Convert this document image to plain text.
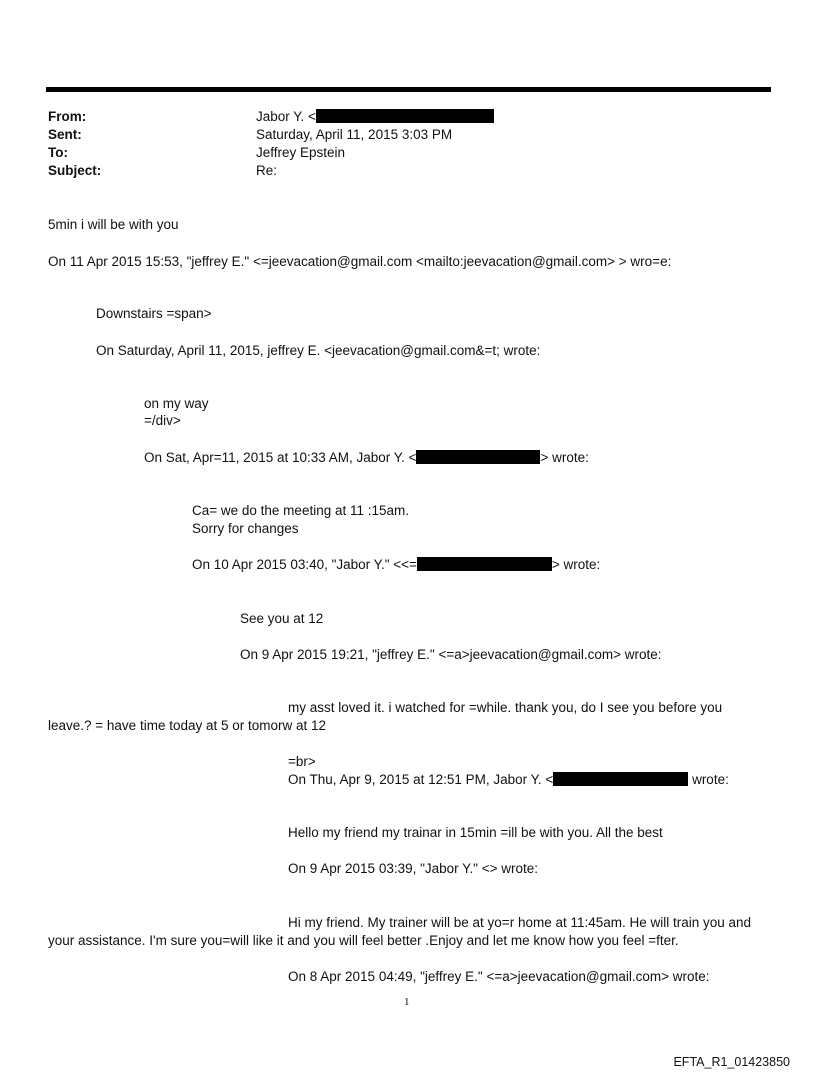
From:	Jabor Y. <
Sent:	Saturday, April 11, 2015 3:03 PM
To:	Jeffrey Epstein
Subject:	Re:
5min i will be with you
On 11 Apr 2015 15:53, "jeffrey E." <=jeevacation@gmail.com <mailto:jeevacation@gmail.com> > wro=e:
Downstairs =span>
On Saturday, April 11, 2015, jeffrey E. <jeevacation@gmail.com&=t; wrote:
on my way
=/div>
On Sat, Apr=11, 2015 at 10:33 AM, Jabor Y. <	> wrote:
Ca= we do the meeting at 11 :15am.
Sorry for changes
On 10 Apr 2015 03:40, "Jabor Y." <<=	> wrote:
See you at 12
On 9 Apr 2015 19:21, "jeffrey E." <=a>jeevacation@gmail.com> wrote:
my asst loved it. i watched for =while. thank you, do I see you before you
leave.? = have time today at 5 or tomorw at 12
=br>
On Thu, Apr 9, 2015 at 12:51 PM, Jabor Y. <	wrote:
Hello my friend my trainar in 15min =ill be with you. All the best
On 9 Apr 2015 03:39, "Jabor Y." <> wrote:
Hi my friend. My trainer will be at yo=r home at 11:45am. He will train you and
your assistance. I'm sure you=will like it and you will feel better .Enjoy and let me know how you feel =fter.
On 8 Apr 2015 04:49, "jeffrey E." <=a>jeevacation@gmail.com> wrote:
1
EFTA_R1_01423850
